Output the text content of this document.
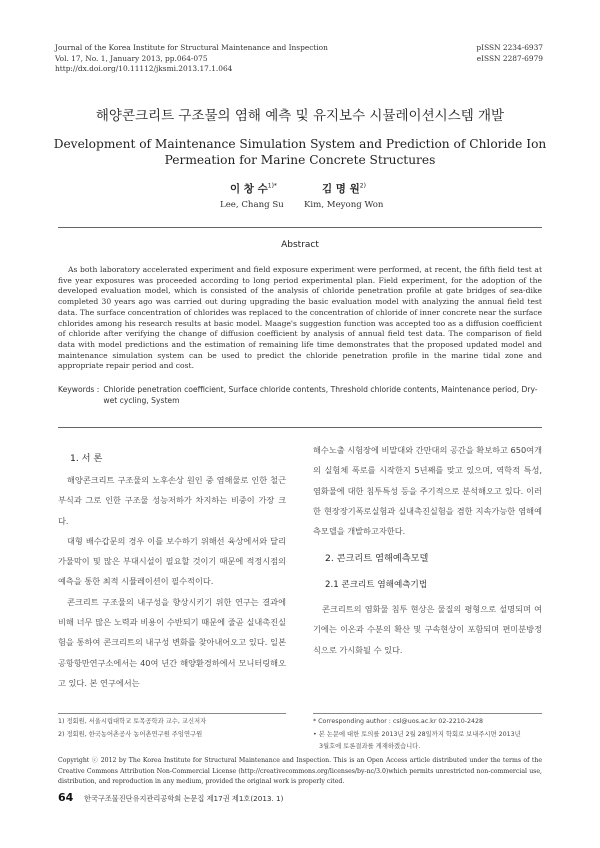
Journal of the Korea Institute for Structural Maintenance and Inspection
Vol. 17, No. 1, January 2013, pp.064-075
http://dx.doi.org/10.11112/jksmi.2013.17.1.064
pISSN 2234-6937
eISSN 2287-6979
해양콘크리트 구조물의 염해 예측 및 유지보수 시뮬레이션시스템 개발
Development of Maintenance Simulation System and Prediction of Chloride Ion Permeation for Marine Concrete Structures
이 창 수$^{1)*}$	김 명 원$^{2)}$
Lee, Chang Su Kim, Meyong Won
Abstract
As both laboratory accelerated experiment and field exposure experiment were performed, at recent, the fifth field test at five year exposures was proceeded according to long period experimental plan. Field experiment, for the adoption of the developed evaluation model, which is consisted of the analysis of chloride penetration profile at gate bridges of sea-dike completed 30 years ago was carried out during upgrading the basic evaluation model with analyzing the annual field test data. The surface concentration of chlorides was replaced to the concentration of chloride of inner concrete near the surface chlorides among his research results at basic model. Maage's suggestion function was accepted too as a diffusion coefficient of chloride after verifying the change of diffusion coefficient by analysis of annual field test data. The comparison of field data with model predictions and the estimation of remaining life time demonstrates that the proposed updated model and maintenance simulation system can be used to predict the chloride penetration profile in the marine tidal zone and appropriate repair period and cost.
Keywords : Chloride penetration coefficient, Surface chloride contents, Threshold chloride contents, Maintenance period, Dry-wet cycling, System
1. 서 론

해양콘크리트 구조물의 노후손상 원인 중 염해물로 인한 철근 부식과 그로 인한 구조물 성능저하가 차지하는 비중이 가장 크다.

대형 배수갑문의 경우 이를 보수하기 위해선 육상에서와 달리 가물막이 및 많은 부대시설이 필요할 것이기 때문에 적정시점의 예측을 통한 최적 시뮬레이션이 필수적이다.

콘크리트 구조물의 내구성을 향상시키기 위한 연구는 결과에 비해 너무 많은 노력과 비용이 수반되기 때문에 줄곧 실내촉진실험을 통하여 콘크리트의 내구성 변화를 찾아내어오고 있다. 일본 공항항만연구소에서는 40여 년간 해양환경하에서 모니터링해오고 있다. 본 연구에서는

1) 정회원, 서울시립대학교 토목공학과 교수, 교신저자
2) 정회원, 한국농어촌공사 농어촌연구원 주임연구원

해수노출 시험장에 비말대와 간만대의 공간을 확보하고 650여개의 실험체 폭로를 시작한지 5년째를 맞고 있으며, 역학적 특성, 염화물에 대한 침투특성 등을 주기적으로 분석해오고 있다. 이러한 현장장기폭로실험과 실내촉진실험을 겸한 지속가능한 염해예측모델을 개발하고자한다.

2. 콘크리트 염해예측모델
2.1 콘크리트 염해예측기법

콘크리트의 염화물 침투 현상은 물질의 평형으로 설명되며 여기에는 이온과 수분의 확산 및 구속현상이 포함되며 편미분방정식으로 가시화될 수 있다.

* Corresponding author : csl@uos.ac.kr 02-2210-2428
• 본 논문에 대한 토의를 2013년 2월 28일까지 학회로 보내주시면 2013년
3월호에 토론결과를 게재하겠습니다.
Copyright ⓒ 2012 by The Korea Institute for Structural Maintenance and Inspection. This is an Open Access article distributed under the terms of the Creative Commons Attribution Non-Commercial License (http://creativecommons.org/licenses/by-nc/3.0)which permits unrestricted non-commercial use, distribution, and reproduction in any medium, provided the original work is properly cited.
64 한국구조물진단유지관리공학회 논문집 제17권 제1호(2013. 1)
